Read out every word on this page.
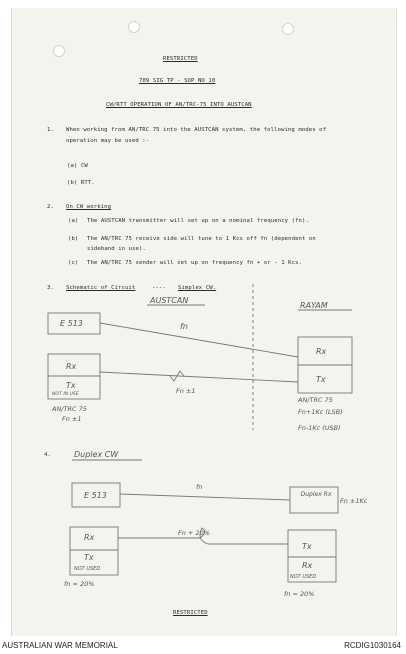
RESTRICTED
709 SIG TP - SOP NO 10
CW/RTT OPERATION OF AN/TRC-75 INTO AUSTCAN
1. When working from AN/TRC 75 into the AUSTCAN system, the following modes of
operation may be used :-
(a) CW
(b) RTT.
2. On CW working
(a) The AUSTCAN transmitter will set up on a nominal frequency (fn).
(b) The AN/TRC 75 receive side will tune to 1 Kcs off fn (dependent on
sideband in use).
(c) The AN/TRC 75 sender will set up on frequency fn + or - 1 Kcs.
3. Schematic of Circuit	---- Simplex CW.
AUSTCAN
RAYAM
E 513
Rx
Tx
NOT IN USE
AN/TRC 75
Fn ±1
fn
Fn ±1
Rx
Tx
AN/TRC 75
Fn+1Kc (LSB)
Fn-1Kc (USB)
4.	Duplex CW
E 513
fn
Duplex Rx
Fn ±1Kc
Rx
Tx
NOT USED
Fn + 20%
fn = 20%
Tx
Rx
NOT USED
fn = 20%
RESTRICTED
AUSTRALIAN WAR MEMORIAL	RCDIG1030164
